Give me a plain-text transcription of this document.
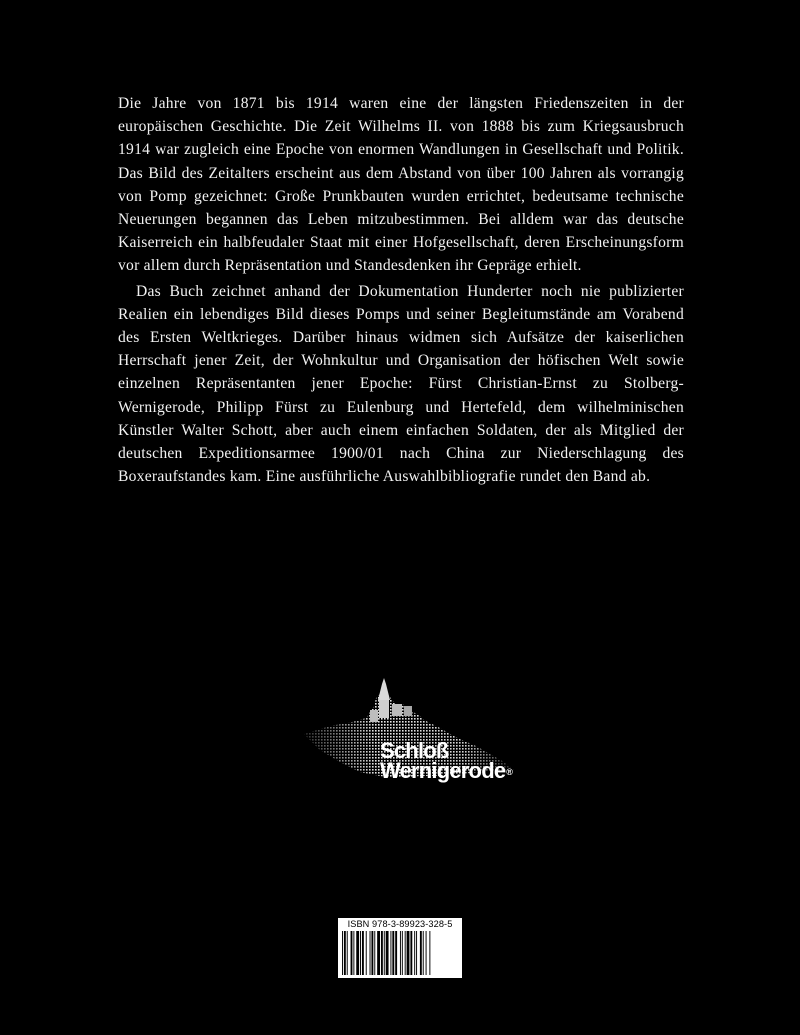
Die Jahre von 1871 bis 1914 waren eine der längsten Friedenszeiten in der europäischen Geschichte. Die Zeit Wilhelms II. von 1888 bis zum Kriegsausbruch 1914 war zugleich eine Epoche von enormen Wandlungen in Gesellschaft und Politik. Das Bild des Zeitalters erscheint aus dem Abstand von über 100 Jahren als vorrangig von Pomp gezeichnet: Große Prunkbauten wurden errichtet, bedeutsame technische Neuerungen begannen das Leben mitzubestimmen. Bei alldem war das deutsche Kaiserreich ein halbfeudaler Staat mit einer Hofgesellschaft, deren Erscheinungsform vor allem durch Repräsentation und Standesdenken ihr Gepräge erhielt.

Das Buch zeichnet anhand der Dokumentation Hunderter noch nie publizierter Realien ein lebendiges Bild dieses Pomps und seiner Begleitumstände am Vorabend des Ersten Weltkrieges. Darüber hinaus widmen sich Aufsätze der kaiserlichen Herrschaft jener Zeit, der Wohnkultur und Organisation der höfischen Welt sowie einzelnen Repräsentanten jener Epoche: Fürst Christian-Ernst zu Stolberg-Wernigerode, Philipp Fürst zu Eulenburg und Hertefeld, dem wilhelminischen Künstler Walter Schott, aber auch einem einfachen Soldaten, der als Mitglied der deutschen Expeditionsarmee 1900/01 nach China zur Niederschlagung des Boxeraufstandes kam. Eine ausführliche Auswahlbibliografie rundet den Band ab.

Schloß
Wernigerode®
ISBN 978-3-89923-328-5
